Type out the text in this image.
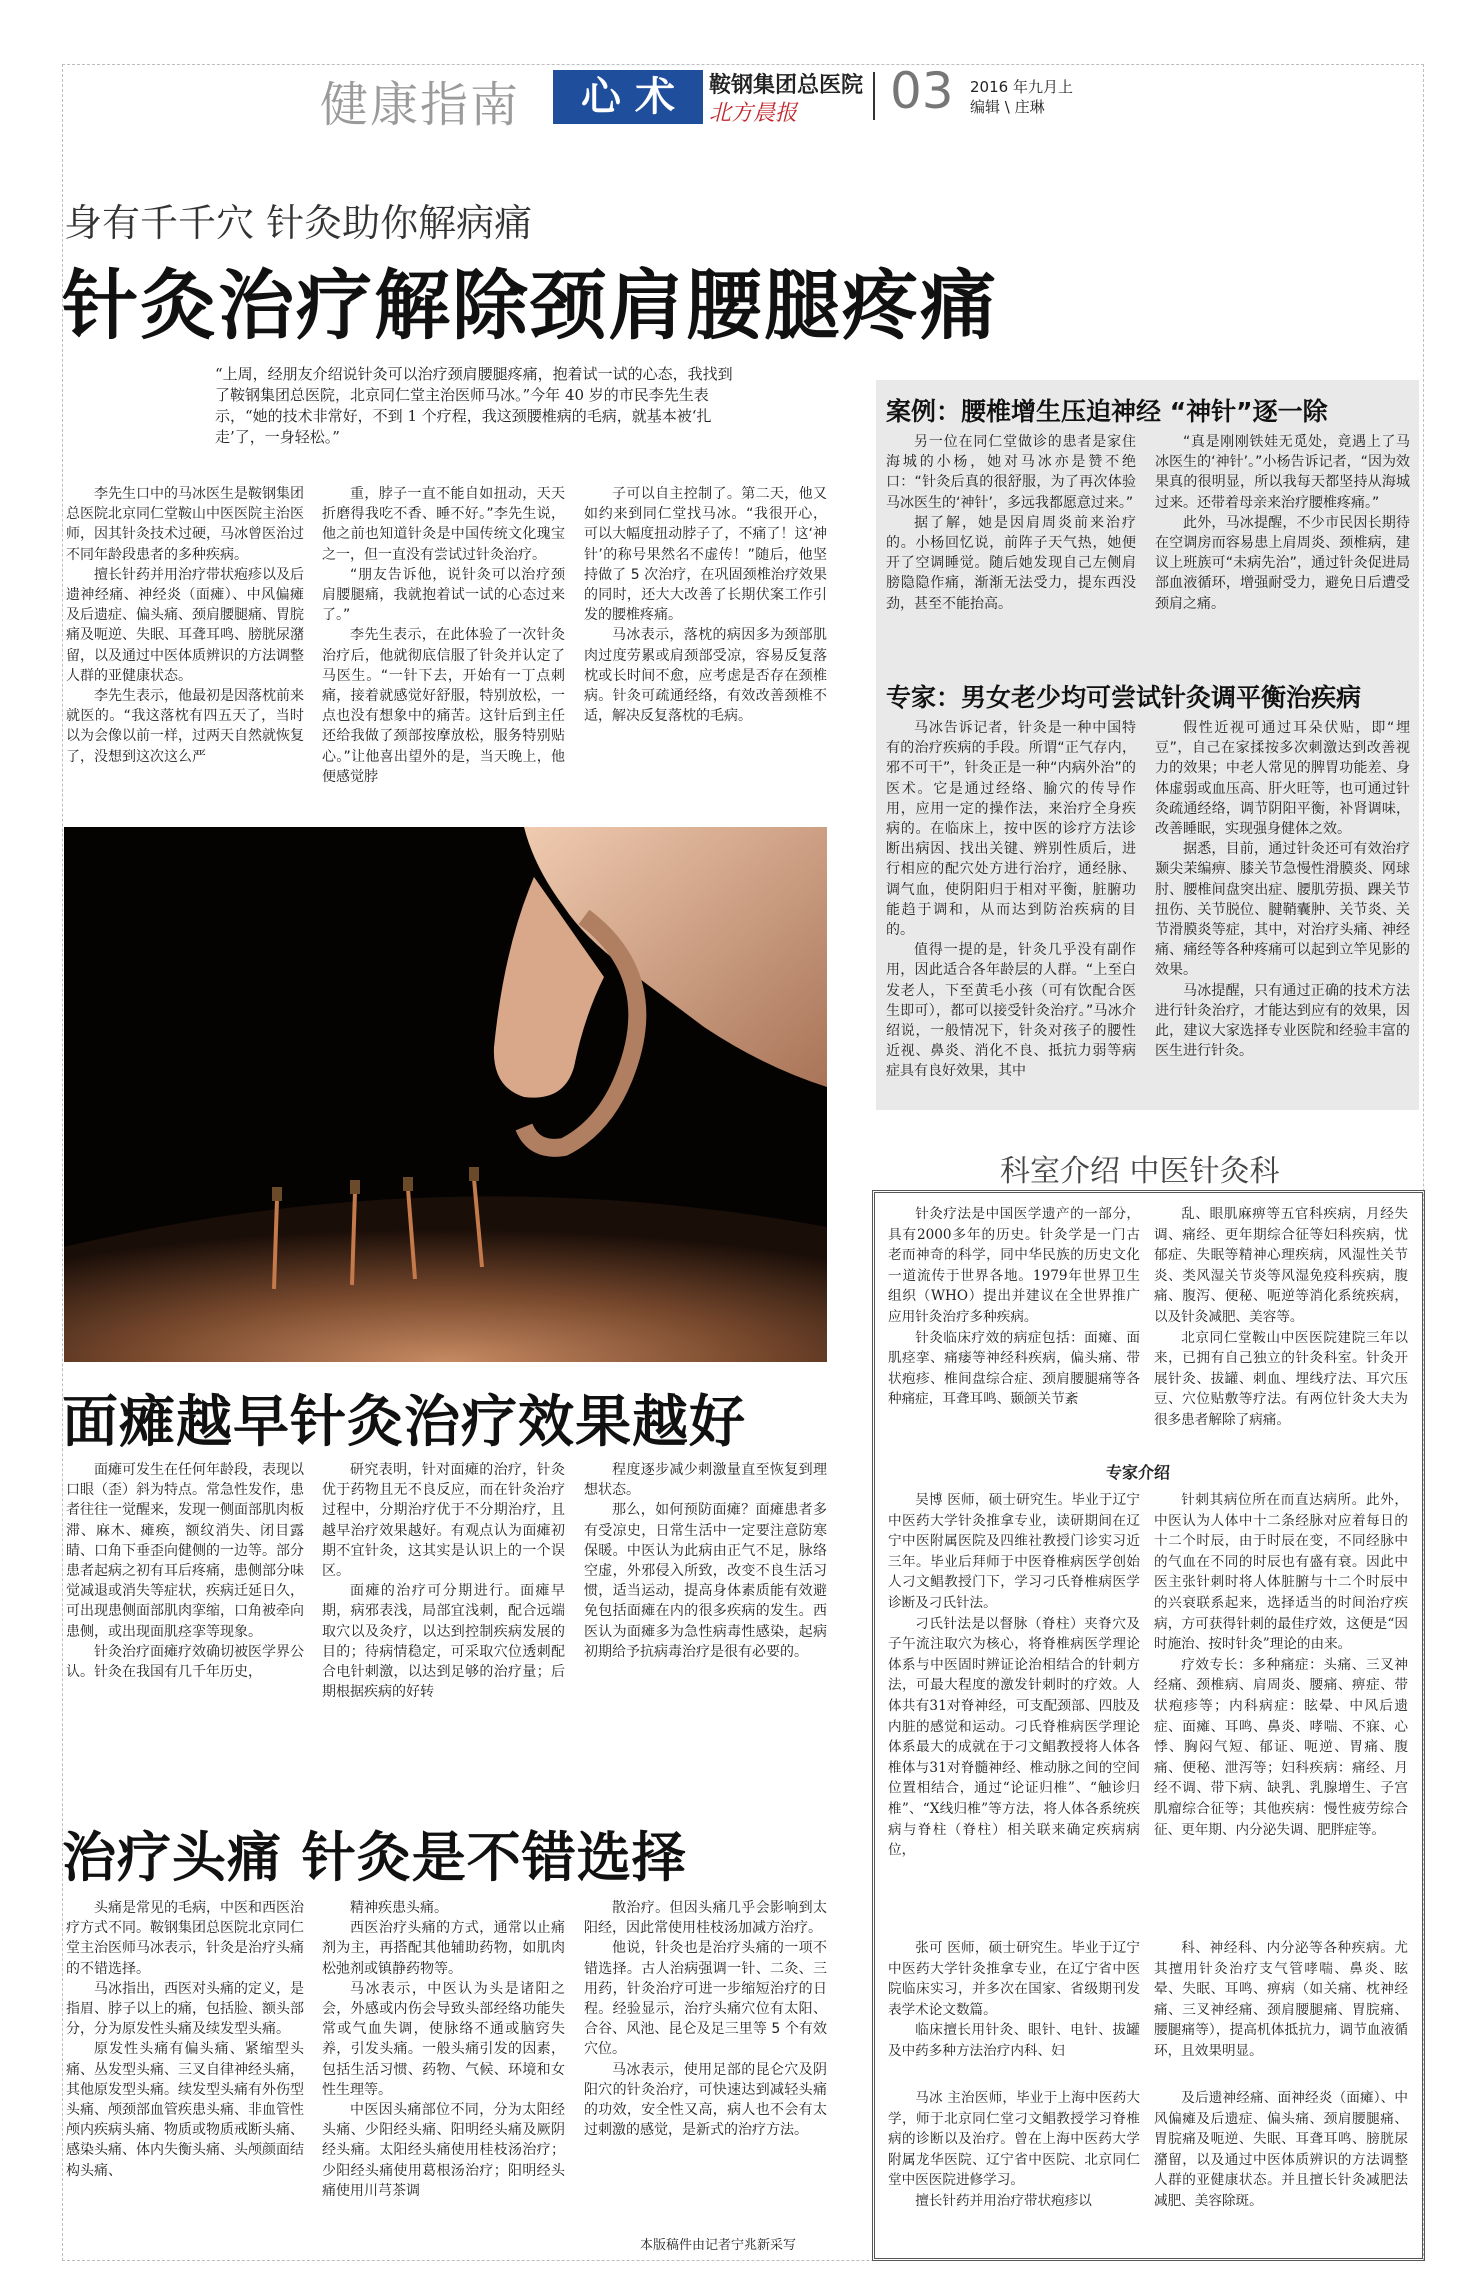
健康指南	心 术	鞍钢集团总医院
北方晨报 03 2016 年九月上
编辑 \ 庄琳
身有千千穴 针灸助你解病痛
针灸治疗解除颈肩腰腿疼痛
“上周，经朋友介绍说针灸可以治疗颈肩腰腿疼痛，抱着试一试的心态，我找到了鞍钢集团总医院，北京同仁堂主治医师马冰。”今年 40 岁的市民李先生表示，“她的技术非常好，不到 1 个疗程，我这颈腰椎病的毛病，就基本被‘扎走’了，一身轻松。”

李先生口中的马冰医生是鞍钢集团总医院北京同仁堂鞍山中医医院主治医师，因其针灸技术过硬，马冰曾医治过不同年龄段患者的多种疾病。

擅长针药并用治疗带状疱疹以及后遗神经痛、神经炎（面瘫）、中风偏瘫及后遗症、偏头痛、颈肩腰腿痛、胃脘痛及呃逆、失眠、耳聋耳鸣、膀胱尿潴留，以及通过中医体质辨识的方法调整人群的亚健康状态。

李先生表示，他最初是因落枕前来就医的。“我这落枕有四五天了，当时以为会像以前一样，过两天自然就恢复了，没想到这次这么严

重，脖子一直不能自如扭动，天天折磨得我吃不香、睡不好。”李先生说，他之前也知道针灸是中国传统文化瑰宝之一，但一直没有尝试过针灸治疗。

“朋友告诉他，说针灸可以治疗颈肩腰腿痛，我就抱着试一试的心态过来了。”

李先生表示，在此体验了一次针灸治疗后，他就彻底信服了针灸并认定了马医生。“一针下去，开始有一丁点刺痛，接着就感觉好舒服，特别放松，一点也没有想象中的痛苦。这针后到主任还给我做了颈部按摩放松，服务特别贴心。”让他喜出望外的是，当天晚上，他便感觉脖

子可以自主控制了。第二天，他又如约来到同仁堂找马冰。“我很开心，可以大幅度扭动脖子了，不痛了！这‘神针’的称号果然名不虚传！”随后，他坚持做了 5 次治疗，在巩固颈椎治疗效果的同时，还大大改善了长期伏案工作引发的腰椎疼痛。

马冰表示，落枕的病因多为颈部肌肉过度劳累或肩颈部受凉，容易反复落枕或长时间不愈，应考虑是否存在颈椎病。针灸可疏通经络，有效改善颈椎不适，解决反复落枕的毛病。

案例：腰椎增生压迫神经 “神针”逐一除

另一位在同仁堂做诊的患者是家住海城的小杨，她对马冰亦是赞不绝口：“针灸后真的很舒服，为了再次体验马冰医生的‘神针’，多远我都愿意过来。”

据了解，她是因肩周炎前来治疗的。小杨回忆说，前阵子天气热，她便开了空调睡觉。随后她发现自己左侧肩膀隐隐作痛，渐渐无法受力，提东西没劲，甚至不能抬高。

“真是刚刚铁娃无觅处，竟遇上了马冰医生的‘神针’。”小杨告诉记者，“因为效果真的很明显，所以我每天都坚持从海城过来。还带着母亲来治疗腰椎疼痛。”

此外，马冰提醒，不少市民因长期待在空调房而容易患上肩周炎、颈椎病，建议上班族可“未病先治”，通过针灸促进局部血液循环，增强耐受力，避免日后遭受颈肩之痛。

专家：男女老少均可尝试针灸调平衡治疾病

马冰告诉记者，针灸是一种中国特有的治疗疾病的手段。所谓“正气存内，邪不可干”，针灸正是一种“内病外治”的医术。它是通过经络、腧穴的传导作用，应用一定的操作法，来治疗全身疾病的。在临床上，按中医的诊疗方法诊断出病因、找出关键、辨别性质后，进行相应的配穴处方进行治疗，通经脉、调气血，使阴阳归于相对平衡，脏腑功能趋于调和，从而达到防治疾病的目的。

值得一提的是，针灸几乎没有副作用，因此适合各年龄层的人群。“上至白发老人，下至黄毛小孩（可有饮配合医生即可），都可以接受针灸治疗。”马冰介绍说，一般情况下，针灸对孩子的腰性近视、鼻炎、消化不良、抵抗力弱等病症具有良好效果，其中

假性近视可通过耳朵伏贴，即“埋豆”，自己在家揉按多次刺激达到改善视力的效果；中老人常见的脾胃功能差、身体虚弱或血压高、肝火旺等，也可通过针灸疏通经络，调节阴阳平衡，补肾调味，改善睡眠，实现强身健体之效。

据悉，目前，通过针灸还可有效治疗颞尖茉编痹、膝关节急慢性滑膜炎、网球肘、腰椎间盘突出症、腰肌劳损、踝关节扭伤、关节脱位、腱鞘囊肿、关节炎、关节滑膜炎等症，其中，对治疗头痛、神经痛、痛经等各种疼痛可以起到立竿见影的效果。

马冰提醒，只有通过正确的技术方法进行针灸治疗，才能达到应有的效果，因此，建议大家选择专业医院和经验丰富的医生进行针灸。

面瘫越早针灸治疗效果越好

面瘫可发生在任何年龄段，表现以口眼（歪）斜为特点。常急性发作，患者往往一觉醒来，发现一侧面部肌肉板滞、麻木、瘫痪，额纹消失、闭目露睛、口角下垂歪向健侧的一边等。部分患者起病之初有耳后疼痛，患侧部分味觉减退或消失等症状，疾病迁延日久，可出现患侧面部肌肉挛缩，口角被牵向患侧，或出现面肌痉挛等现象。

针灸治疗面瘫疗效确切被医学界公认。针灸在我国有几千年历史，

研究表明，针对面瘫的治疗，针灸优于药物且无不良反应，而在针灸治疗过程中，分期治疗优于不分期治疗，且越早治疗效果越好。有观点认为面瘫初期不宜针灸，这其实是认识上的一个误区。

面瘫的治疗可分期进行。面瘫早期，病邪表浅，局部宜浅刺，配合远端取穴以及灸疗，以达到控制疾病发展的目的；待病情稳定，可采取穴位透刺配合电针刺激，以达到足够的治疗量；后期根据疾病的好转

程度逐步减少刺激量直至恢复到理想状态。

那么，如何预防面瘫？面瘫患者多有受凉史，日常生活中一定要注意防寒保暖。中医认为此病由正气不足，脉络空虚，外邪侵入所致，改变不良生活习惯，适当运动，提高身体素质能有效避免包括面瘫在内的很多疾病的发生。西医认为面瘫多为急性病毒性感染，起病初期给予抗病毒治疗是很有必要的。

治疗头痛 针灸是不错选择

头痛是常见的毛病，中医和西医治疗方式不同。鞍钢集团总医院北京同仁堂主治医师马冰表示，针灸是治疗头痛的不错选择。

马冰指出，西医对头痛的定义，是指眉、脖子以上的痛，包括脸、额头部分，分为原发性头痛及续发型头痛。

原发性头痛有偏头痛、紧缩型头痛、丛发型头痛、三叉自律神经头痛，其他原发型头痛。续发型头痛有外伤型头痛、颅颈部血管疾患头痛、非血管性颅内疾病头痛、物质或物质戒断头痛、感染头痛、体内失衡头痛、头颅颜面结构头痛、

精神疾患头痛。

西医治疗头痛的方式，通常以止痛剂为主，再搭配其他辅助药物，如肌肉松弛剂或镇静药物等。

马冰表示，中医认为头是诸阳之会，外感或内伤会导致头部经络功能失常或气血失调，使脉络不通或脑窍失养，引发头痛。一般头痛引发的因素，包括生活习惯、药物、气候、环境和女性生理等。

中医因头痛部位不同，分为太阳经头痛、少阳经头痛、阳明经头痛及厥阴经头痛。太阳经头痛使用桂枝汤治疗；少阳经头痛使用葛根汤治疗；阳明经头痛使用川芎茶调

散治疗。但因头痛几乎会影响到太阳经，因此常使用桂枝汤加减方治疗。

他说，针灸也是治疗头痛的一项不错选择。古人治病强调一针、二灸、三用药，针灸治疗可进一步缩短治疗的日程。经验显示，治疗头痛穴位有太阳、合谷、风池、昆仑及足三里等 5 个有效穴位。

马冰表示，使用足部的昆仑穴及阴阳穴的针灸治疗，可快速达到减轻头痛的功效，安全性又高，病人也不会有太过刺激的感觉，是新式的治疗方法。

本版稿件由记者宁兆新采写
科室介绍 中医针灸科

针灸疗法是中国医学遗产的一部分，具有2000多年的历史。针灸学是一门古老而神奇的科学，同中华民族的历史文化一道流传于世界各地。1979年世界卫生组织（WHO）提出并建议在全世界推广应用针灸治疗多种疾病。

针灸临床疗效的病症包括：面瘫、面肌痉挛、痛痿等神经科疾病，偏头痛、带状疱疹、椎间盘综合症、颈肩腰腿痛等各种痛症，耳聋耳鸣、颞颌关节紊

乱、眼肌麻痹等五官科疾病，月经失调、痛经、更年期综合征等妇科疾病，忧郁症、失眠等精神心理疾病，风湿性关节炎、类风湿关节炎等风湿免疫科疾病，腹痛、腹泻、便秘、呃逆等消化系统疾病，以及针灸减肥、美容等。

北京同仁堂鞍山中医医院建院三年以来，已拥有自己独立的针灸科室。针灸开展针灸、拔罐、刺血、埋线疗法、耳穴压豆、穴位贴敷等疗法。有两位针灸大夫为很多患者解除了病痛。

专家介绍

吴博 医师，硕士研究生。毕业于辽宁中医药大学针灸推拿专业，读研期间在辽宁中医附属医院及四维社教授门诊实习近三年。毕业后拜师于中医脊椎病医学创始人刁文鲳教授门下，学习刁氏脊椎病医学诊断及刁氏针法。

刁氏针法是以督脉（脊柱）夹脊穴及子午流注取穴为核心，将脊椎病医学理论体系与中医固时辨证论治相结合的针刺方法，可最大程度的激发针刺时的疗效。人体共有31对脊神经，可支配颈部、四肢及内脏的感觉和运动。刁氏脊椎病医学理论体系最大的成就在于刁文鲳教授将人体各椎体与31对脊髓神经、椎动脉之间的空间位置相结合，通过“论证归椎”、“触诊归椎”、“X线归椎”等方法，将人体各系统疾病与脊柱（脊柱）相关联来确定疾病病位，

针刺其病位所在而直达病所。此外，中医认为人体中十二条经脉对应着每日的十二个时辰，由于时辰在变，不同经脉中的气血在不同的时辰也有盛有衰。因此中医主张针刺时将人体脏腑与十二个时辰中的兴衰联系起来，选择适当的时间治疗疾病，方可获得针刺的最佳疗效，这便是“因时施治、按时针灸”理论的由来。

疗效专长：多种痛症：头痛、三叉神经痛、颈椎病、肩周炎、腰痛、痹症、带状疱疹等；内科病症：眩晕、中风后遗症、面瘫、耳鸣、鼻炎、哮喘、不寐、心悸、胸闷气短、郁证、呃逆、胃痛、腹痛、便秘、泄泻等；妇科疾病：痛经、月经不调、带下病、缺乳、乳腺增生、子宫肌瘤综合征等；其他疾病：慢性疲劳综合征、更年期、内分泌失调、肥胖症等。

张可 医师，硕士研究生。毕业于辽宁中医药大学针灸推拿专业，在辽宁省中医院临床实习，并多次在国家、省级期刊发表学术论文数篇。

临床擅长用针灸、眼针、电针、拔罐及中药多种方法治疗内科、妇

科、神经科、内分泌等各种疾病。尤其擅用针灸治疗支气管哮喘、鼻炎、眩晕、失眠、耳鸣、痹病（如关痛、枕神经痛、三叉神经痛、颈肩腰腿痛、胃脘痛、腰腿痛等），提高机体抵抗力，调节血液循环，且效果明显。

马冰 主治医师，毕业于上海中医药大学，师于北京同仁堂刁文鲳教授学习脊椎病的诊断以及治疗。曾在上海中医药大学附属龙华医院、辽宁省中医院、北京同仁堂中医医院进修学习。

擅长针药并用治疗带状疱疹以

及后遗神经痛、面神经炎（面瘫）、中风偏瘫及后遗症、偏头痛、颈肩腰腿痛、胃脘痛及呃逆、失眠、耳聋耳鸣、膀胱尿潴留，以及通过中医体质辨识的方法调整人群的亚健康状态。并且擅长针灸减肥法减肥、美容除斑。
